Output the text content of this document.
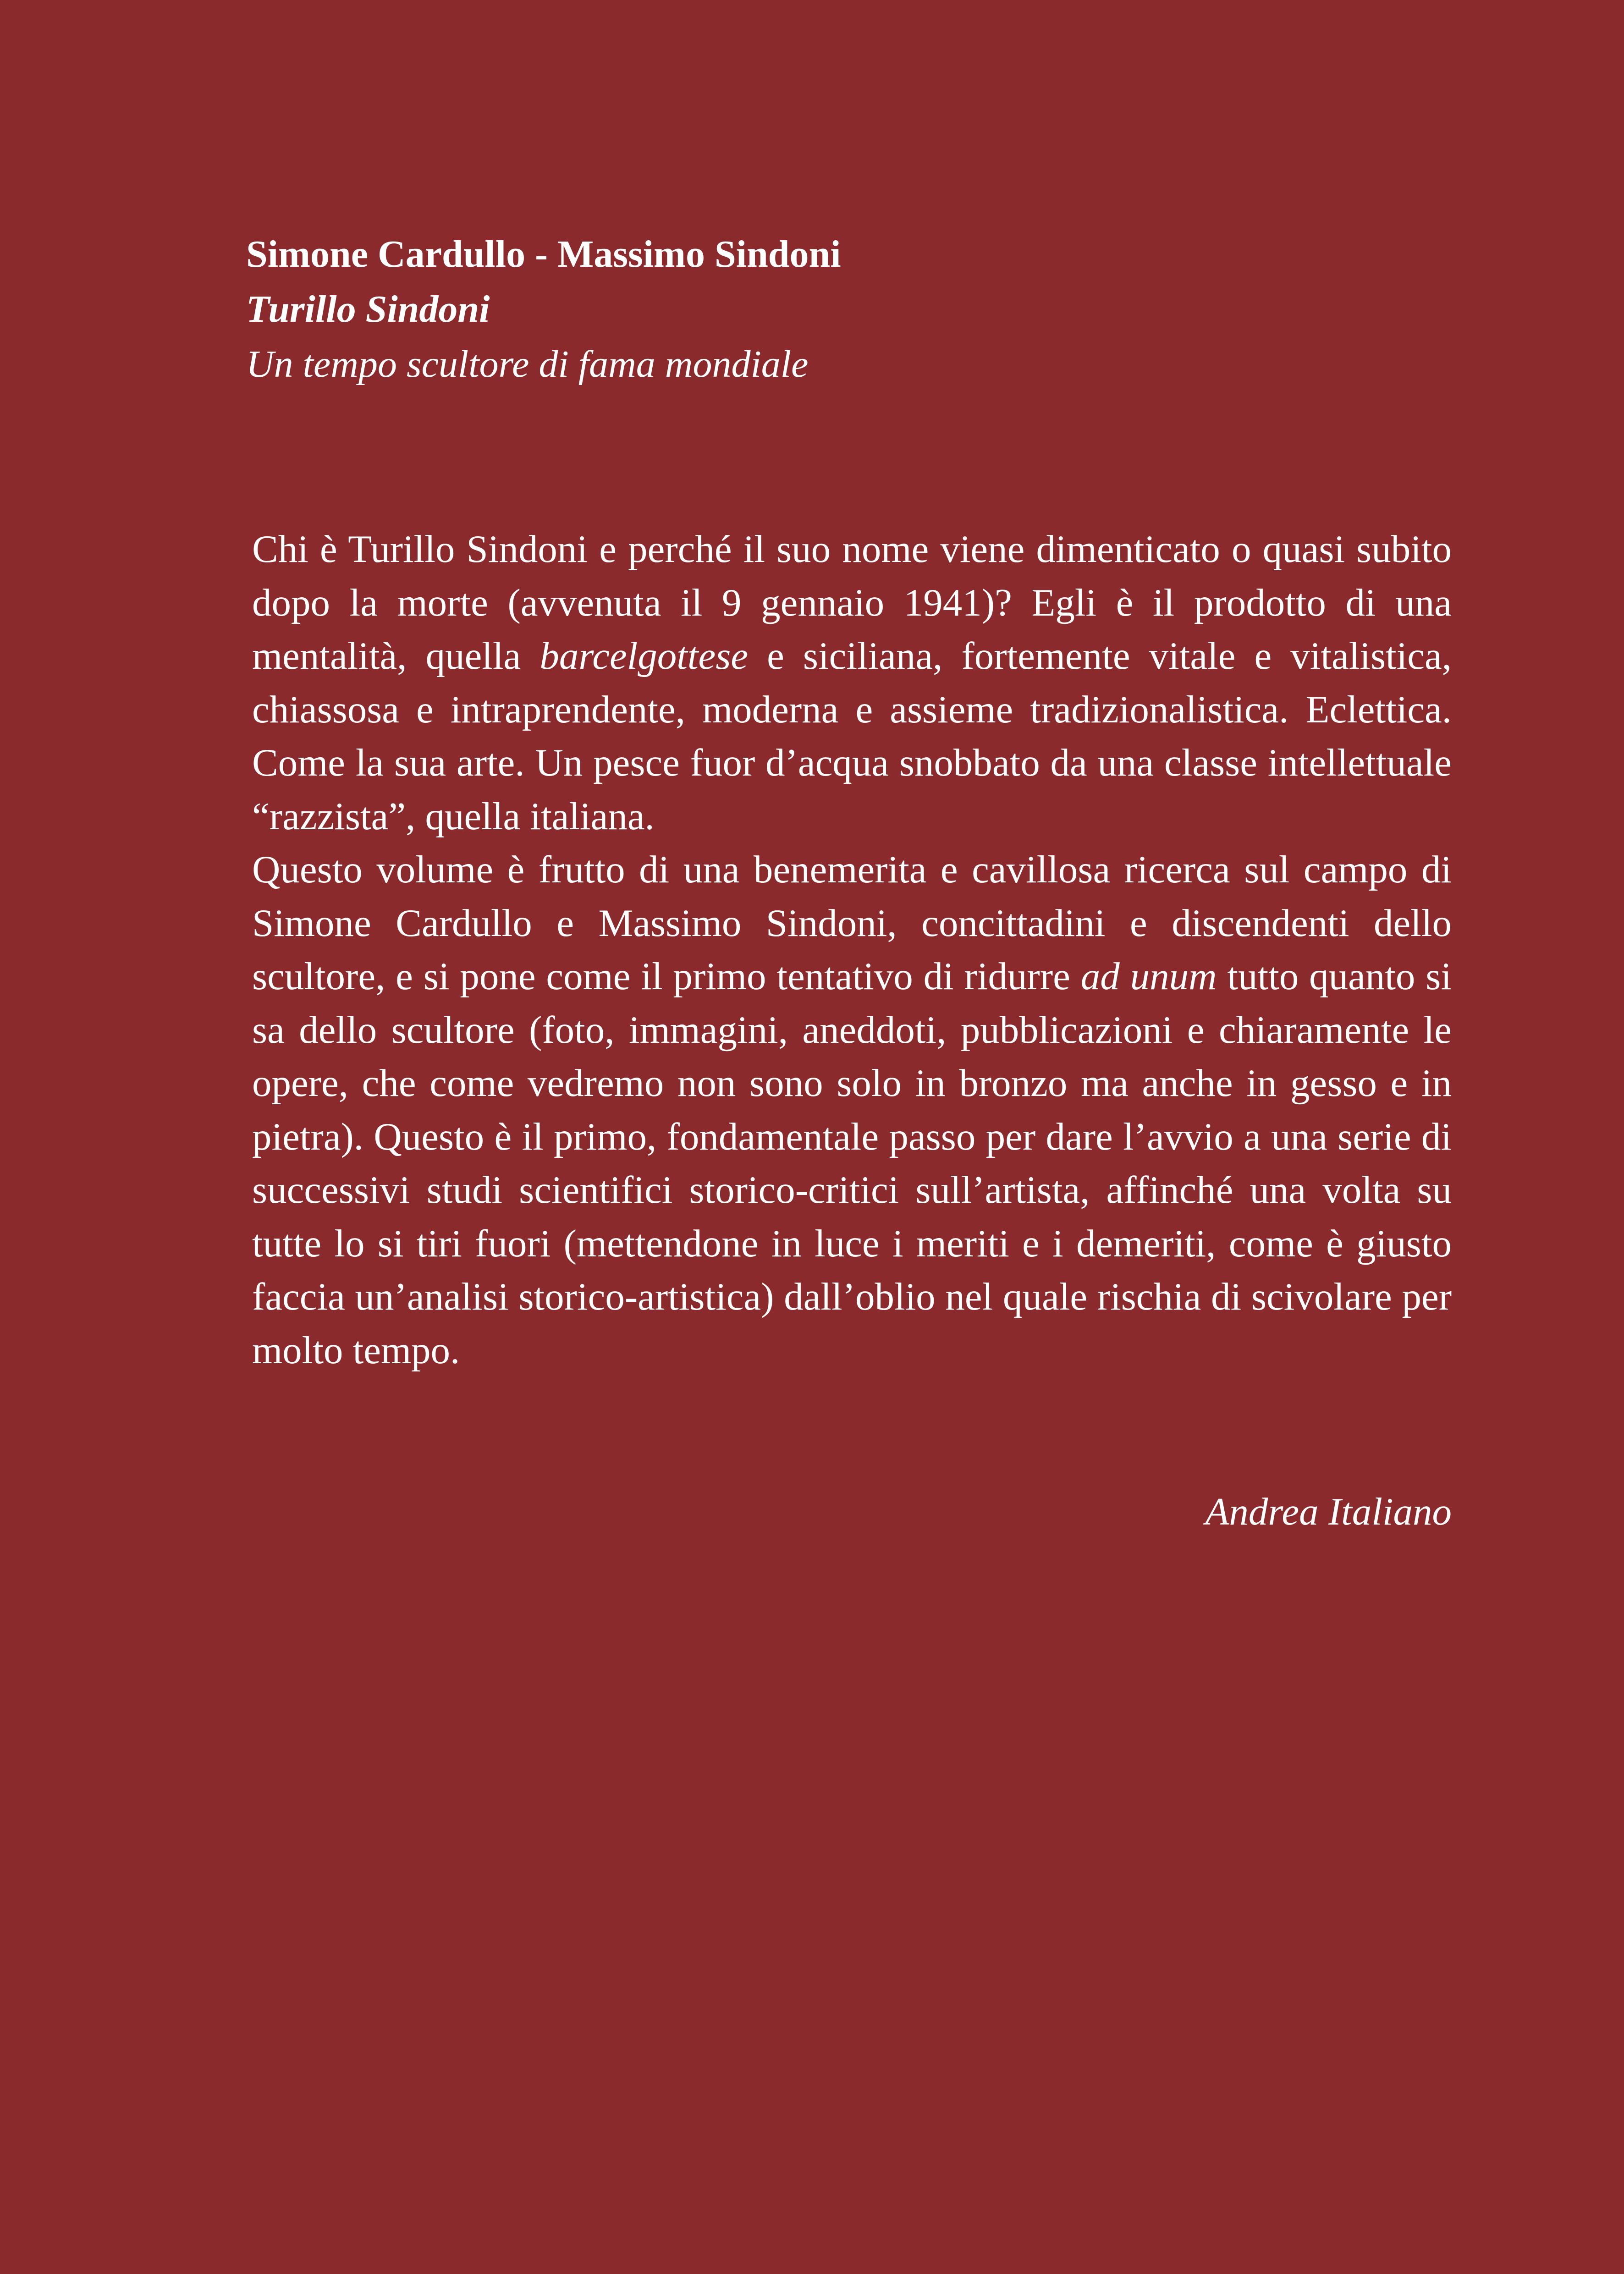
Simone Cardullo - Massimo Sindoni
Turillo Sindoni
Un tempo scultore di fama mondiale

Chi è Turillo Sindoni e perché il suo nome viene dimenticato o quasi subito dopo la morte (avvenuta il 9 gennaio 1941)? Egli è il prodotto di una mentalità, quella barcelgottese e siciliana, fortemente vitale e vitalistica, chiassosa e intraprendente, moderna e assieme tradizionalistica. Eclettica. Come la sua arte. Un pesce fuor d’acqua snobbato da una classe intellettuale “razzista”, quella italiana.

Questo volume è frutto di una benemerita e cavillosa ricerca sul campo di Simone Cardullo e Massimo Sindoni, concittadini e discendenti dello scultore, e si pone come il primo tentativo di ridurre ad unum tutto quanto si sa dello scultore (foto, immagini, aneddoti, pubblicazioni e chiaramente le opere, che come vedremo non sono solo in bronzo ma anche in gesso e in pietra). Questo è il primo, fondamentale passo per dare l’avvio a una serie di successivi studi scientifici storico-critici sull’artista, affinché una volta su tutte lo si tiri fuori (mettendone in luce i meriti e i demeriti, come è giusto faccia un’analisi storico-artistica) dall’oblio nel quale rischia di scivolare per molto tempo.

Andrea Italiano
